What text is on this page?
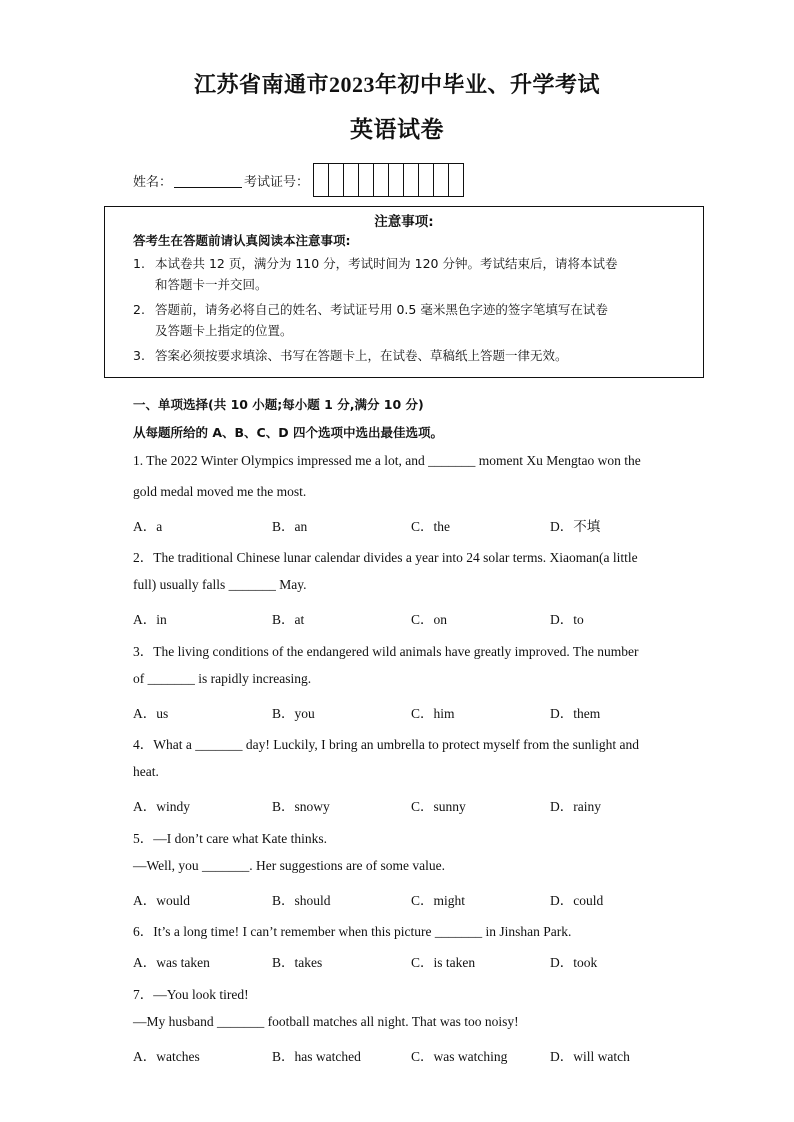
江苏省南通市2023年初中毕业、升学考试
英语试卷
姓名：	考试证号：
注意事项:
答考生在答题前请认真阅读本注意事项:
1. 本试卷共 12 页，满分为 110 分，考试时间为 120 分钟。考试结束后，请将本试卷
和答题卡一并交回。
2. 答题前，请务必将自己的姓名、考试证号用 0.5 毫米黑色字迹的签字笔填写在试卷
及答题卡上指定的位置。
3. 答案必须按要求填涂、书写在答题卡上，在试卷、草稿纸上答题一律无效。
一、单项选择(共 10 小题;每小题 1 分,满分 10 分)
从每题所给的 A、B、C、D 四个选项中选出最佳选项。
1. The 2022 Winter Olympics impressed me a lot, and _______ moment Xu Mengtao won the
gold medal moved me the most.
A．a	B．an	C．the	D．不填
2．The traditional Chinese lunar calendar divides a year into 24 solar terms. Xiaoman(a little
full) usually falls _______ May.
A．in	B．at	C．on	D．to
3．The living conditions of the endangered wild animals have greatly improved. The number
of _______ is rapidly increasing.
A．us	B．you	C．him	D．them
4．What a _______ day! Luckily, I bring an umbrella to protect myself from the sunlight and
heat.
A．windy	B．snowy	C．sunny	D．rainy
5．—I don’t care what Kate thinks.
—Well, you _______. Her suggestions are of some value.
A．would	B．should	C．might	D．could
6．It’s a long time! I can’t remember when this picture _______ in Jinshan Park.
A．was taken	B．takes	C．is taken	D．took
7．—You look tired!
—My husband _______ football matches all night. That was too noisy!
A．watches	B．has watched	C．was watching	D．will watch
